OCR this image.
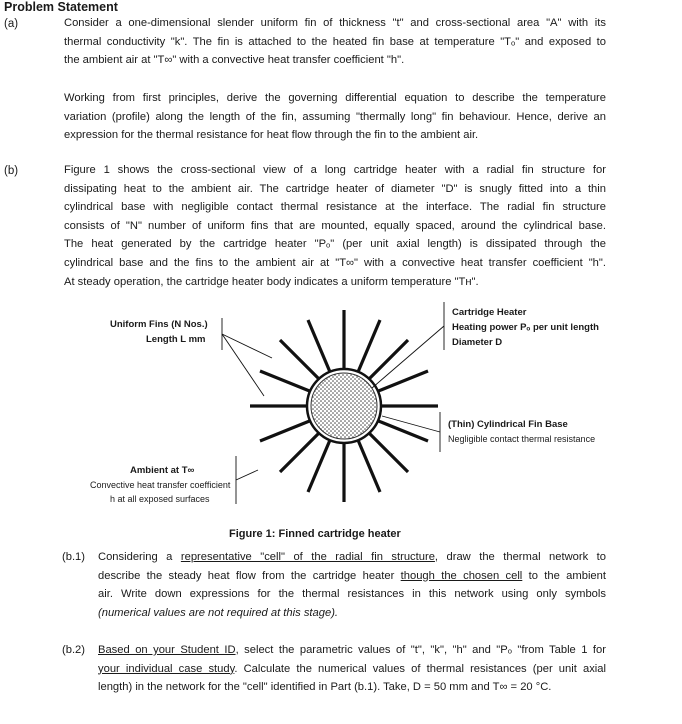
Problem Statement
(a)	Consider a one-dimensional slender uniform fin of thickness "t" and cross-sectional area "A" with its
thermal conductivity "k". The fin is attached to the heated fin base at temperature "Tₒ" and exposed to
the ambient air at "T∞" with a convective heat transfer coefficient "h".
Working from first principles, derive the governing differential equation to describe the temperature
variation (profile) along the length of the fin, assuming "thermally long" fin behaviour. Hence, derive an
expression for the thermal resistance for heat flow through the fin to the ambient air.
(b)	Figure 1 shows the cross-sectional view of a long cartridge heater with a radial fin structure for
dissipating heat to the ambient air. The cartridge heater of diameter "D" is snugly fitted into a thin
cylindrical base with negligible contact thermal resistance at the interface. The radial fin structure
consists of "N" number of uniform fins that are mounted, equally spaced, around the cylindrical base.
The heat generated by the cartridge heater "Pₒ" (per unit axial length) is dissipated through the
cylindrical base and the fins to the ambient air at "T∞" with a convective heat transfer coefficient "h".
At steady operation, the cartridge heater body indicates a uniform temperature "Tʜ".
Uniform Fins (N Nos.)
Length L mm
Cartridge Heater
Heating power Pₒ per unit length
Diameter D
(Thin) Cylindrical Fin Base
Negligible contact thermal resistance
Ambient at T∞
Convective heat transfer coefficient
h at all exposed surfaces
Figure 1: Finned cartridge heater
(b.1) Considering a representative "cell" of the radial fin structure, draw the thermal network to
describe the steady heat flow from the cartridge heater though the chosen cell to the ambient
air. Write down expressions for the thermal resistances in this network using only symbols
(numerical values are not required at this stage).
(b.2) Based on your Student ID, select the parametric values of "t", "k", "h" and "Pₒ "from Table 1 for
your individual case study. Calculate the numerical values of thermal resistances (per unit axial
length) in the network for the "cell" identified in Part (b.1). Take, D = 50 mm and T∞ = 20 °C.
